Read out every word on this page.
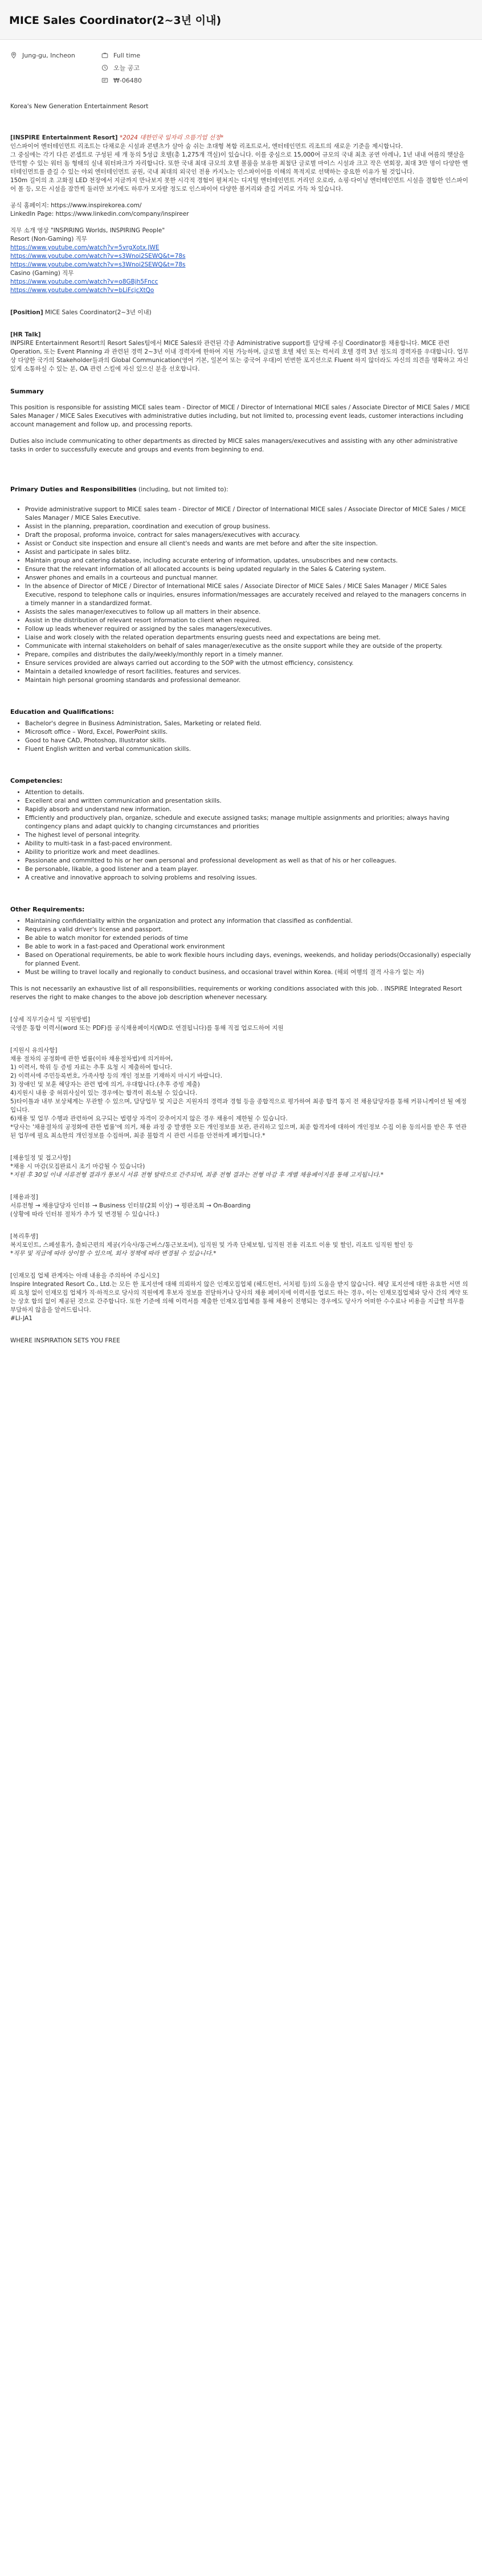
MICE Sales Coordinator(2~3년 이내)
Jung-gu, Incheon	Full time
오늘 공고
₩-06480

Korea's New Generation Entertainment Resort

[INSPIRE Entertainment Resort] *2024 대한민국 일자리 으뜸기업 선정*

인스파이어 엔터테인먼트 리조트는 다채로운 시설과 콘텐츠가 살아 숨 쉬는 초대형 복합 리조트로서, 엔터테인먼트 리조트의 새로운 기준을 제시합니다.

그 중심에는 각기 다른 콘셉트로 구성된 세 개 동의 5성급 호텔(총 1,275개 객실)이 있습니다. 이를 중심으로 15,000여 규모의 국내 최초 공연 아레나, 1년 내내 여름의 햇살을 만끽할 수 있는 워터 돔 형태의 실내 워터파크가 자리합니다. 또한 국내 최대 규모의 호텔 볼룸을 보유한 최첨단 글로벌 마이스 시설과 크고 작은 연회장, 최대 3만 명이 다양한 엔터테인먼트를 즐길 수 있는 야외 엔터테인먼트 공원, 국내 최대의 외국인 전용 카지노는 인스파이어를 이해의 목적지로 선택하는 중요한 이유가 될 것입니다.

150m 길이의 초 고화질 LED 천장에서 지금까지 만나보지 못한 시각적 경험이 펼쳐지는 디지털 엔터테인먼트 거리인 오로라, 쇼핑·다이닝 엔터테인먼트 시설을 결합한 인스파이어 몰 등, 모든 시설을 잠깐씩 둘러만 보기에도 하루가 모자랄 정도로 인스파이어 다양한 볼거리와 즐길 거리로 가득 차 있습니다.

공식 홈페이지: https://www.inspirekorea.com/

LinkedIn Page: https://www.linkedin.com/company/inspireer

직무 소개 영상 "INSPIRING Worlds, INSPIRING People"

Resort (Non-Gaming) 직무

https://www.youtube.com/watch?v=5vrgXotx.JWE
https://www.youtube.com/watch?v=s3Wnoi2SEWQ&t=78s
https://www.youtube.com/watch?v=s3Wnoi2SEWQ&t=78s

Casino (Gaming) 직무

https://www.youtube.com/watch?v=o8GBjh5Fncc
https://www.youtube.com/watch?v=bLiFcjcXtQo

[Position] MICE Sales Coordinator(2~3년 이내)

[HR Talk]

INPSIRE Entertainment Resort의 Resort Sales팀에서 MICE Sales와 관련된 각종 Administrative support를 담당해 주실 Coordinator를 채용합니다. MICE 관련 Operation, 또는 Event Planning 과 관련된 경력 2~3년 이내 경력자에 한하여 지원 가능하며, 글로벌 호텔 체인 또는 럭셔리 호텔 경력 3년 정도의 경력자를 우대합니다. 업무상 다양한 국가의 Stakeholder들과의 Global Communication(영어 기본, 일본어 또는 중국어 우대)이 빈번한 포지션으로 Fluent 하지 않더라도 자신의 의견을 명확하고 자신 있게 소통하실 수 있는 분, OA 관련 스킬에 자신 있으신 분을 선호합니다.

Summary

This position is responsible for assisting MICE sales team - Director of MICE / Director of International MICE sales / Associate Director of MICE Sales / MICE Sales Manager / MICE Sales Executives with administrative duties including, but not limited to, processing event leads, customer interactions including account management and follow up, and processing reports.

Duties also include communicating to other departments as directed by MICE sales managers/executives and assisting with any other administrative tasks in order to successfully execute and groups and events from beginning to end.

Primary Duties and Responsibilities (including, but not limited to):

• Provide administrative support to MICE sales team - Director of MICE / Director of International MICE sales / Associate Director of MICE Sales / MICE Sales Manager / MICE Sales Executive.
• Assist in the planning, preparation, coordination and execution of group business.
• Draft the proposal, proforma invoice, contract for sales managers/executives with accuracy.
• Assist or Conduct site inspection and ensure all client's needs and wants are met before and after the site inspection.
• Assist and participate in sales blitz.
• Maintain group and catering database, including accurate entering of information, updates, unsubscribes and new contacts.
• Ensure that the relevant information of all allocated accounts is being updated regularly in the Sales & Catering system.
• Answer phones and emails in a courteous and punctual manner.
• In the absence of Director of MICE / Director of International MICE sales / Associate Director of MICE Sales / MICE Sales Manager / MICE Sales Executive, respond to telephone calls or inquiries, ensures information/messages are accurately received and relayed to the managers concerns in a timely manner in a standardized format.
• Assists the sales manager/executives to follow up all matters in their absence.
• Assist in the distribution of relevant resort information to client when required.
• Follow up leads whenever required or assigned by the sales managers/executives.
• Liaise and work closely with the related operation departments ensuring guests need and expectations are being met.
• Communicate with internal stakeholders on behalf of sales manager/executive as the onsite support while they are outside of the property.
• Prepare, compiles and distributes the daily/weekly/monthly report in a timely manner.
• Ensure services provided are always carried out according to the SOP with the utmost efficiency, consistency.
• Maintain a detailed knowledge of resort facilities, features and services.
• Maintain high personal grooming standards and professional demeanor.

Education and Qualifications:

• Bachelor's degree in Business Administration, Sales, Marketing or related field.
• Microsoft office – Word, Excel, PowerPoint skills.
• Good to have CAD, Photoshop, Illustrator skills.
• Fluent English written and verbal communication skills.

Competencies:

• Attention to details.
• Excellent oral and written communication and presentation skills.
• Rapidly absorb and understand new information.
• Efficiently and productively plan, organize, schedule and execute assigned tasks; manage multiple assignments and priorities; always having contingency plans and adapt quickly to changing circumstances and priorities
• The highest level of personal integrity.
• Ability to multi-task in a fast-paced environment.
• Ability to prioritize work and meet deadlines.
• Passionate and committed to his or her own personal and professional development as well as that of his or her colleagues.
• Be personable, likable, a good listener and a team player.
• A creative and innovative approach to solving problems and resolving issues.

Other Requirements:

• Maintaining confidentiality within the organization and protect any information that classified as confidential.
• Requires a valid driver's license and passport.
• Be able to watch monitor for extended periods of time
• Be able to work in a fast-paced and Operational work environment
• Based on Operational requirements, be able to work flexible hours including days, evenings, weekends, and holiday periods(Occasionally) especially for planned Event.
• Must be willing to travel locally and regionally to conduct business, and occasional travel within Korea. (해외 여행의 결격 사유가 없는 자)

This is not necessarily an exhaustive list of all responsibilities, requirements or working conditions associated with this job. . INSPIRE Integrated Resort reserves the right to make changes to the above job description whenever necessary.

[상세 직무기술서 및 지원방법]

국영문 통합 이력서(word 또는 PDF)를 공식채용페이지(WD로 연결됩니다)를 통해 직접 업로드하여 지원

[지원시 유의사항]

채용 절차의 공정화에 관한 법률(이하 채용절차법)에 의거하여,

1) 이력서, 학위 등 증빙 자료는 추후 요청 시 제출하여 합니다.

2) 이력서에 주민등록번호, 가족사항 등의 개인 정보를 기재하지 마시기 바랍니다.

3) 장애인 및 보훈 해당자는 관련 법에 의거, 우대합니다.(추후 증빙 제출)

4)지원시 내용 중 허위사실이 있는 경우에는 합격이 취소될 수 있습니다.

5)타이틀과 내부 보상체계는 무관할 수 있으며, 담당업무 및 지급은 지원자의 경력과 경험 등을 종합적으로 평가하여 최종 합격 통지 전 채용담당자를 통해 커뮤니케이션 될 예정입니다.

6)채용 및 업무 수행과 관련하여 요구되는 법령상 자격이 갖추어지지 않은 경우 채용이 제한될 수 있습니다.

*당사는 '채용절차의 공정화에 관한 법률'에 의거, 채용 과정 중 발생한 모든 개인정보를 보관, 관리하고 있으며, 최종 합격자에 대하여 개인정보 수집 이용 동의서를 받은 후 연관된 업무에 필요 최소한의 개인정보를 수집하며, 최종 불합격 시 관련 서류를 안전하게 폐기합니다.*

[채용일정 및 접고사항]

*채용 시 마감(모집완료시 조기 마감될 수 있습니다)

*지원 후 30일 이내 서류전형 결과가 통보시 서류 전형 탈락으로 간주되며, 최종 전형 결과는 전형 마감 후 개별 채용페이지를 통해 고지됩니다.*

[채용과정]

서류전형 → 채용담당자 인터뷰 → Business 인터뷰(2회 이상) → 평판조회 → On-Boarding

(상황에 따라 인터뷰 절차가 추가 및 변경될 수 있습니다.)

[복리후생]

복지포인트, 스페셜휴가, 출퇴근편의 제공(기숙사/통근버스/통근보조비), 임직원 및 가족 단체보험, 임직원 전용 리조트 이용 및 할인, 리조트 임직원 할인 등

*직무 및 직급에 따라 상이할 수 있으며, 회사 정책에 따라 변경될 수 있습니다.*

[인재모집 업체 관계자는 아래 내용을 주의하여 주십시오]

Inspire Integrated Resort Co., Ltd.는 모든 한 포지션에 대해 의뢰하지 않은 인재모집업체 (헤드헌터, 서치펌 등)의 도움을 받지 않습니다. 해당 포지션에 대한 유효한 서면 의뢰 요청 없이 인재모집 업체가 직·하적으로 당사의 직원에게 후보자 정보를 전달하거나 당사의 채용 페이지에 이력서를 업로드 하는 경우, 이는 인재모집업체와 당사 간의 계약 또는 상호 합의 없이 제공된 것으로 간주합니다. 또한 기준에 의해 이력서를 제출한 인재모집업체를 통해 채용이 진행되는 경우에도 당사가 어떠한 수수료나 비용을 지급할 의무를 부담하지 않음을 알려드립니다.

#LI-JA1

WHERE INSPIRATION SETS YOU FREE
